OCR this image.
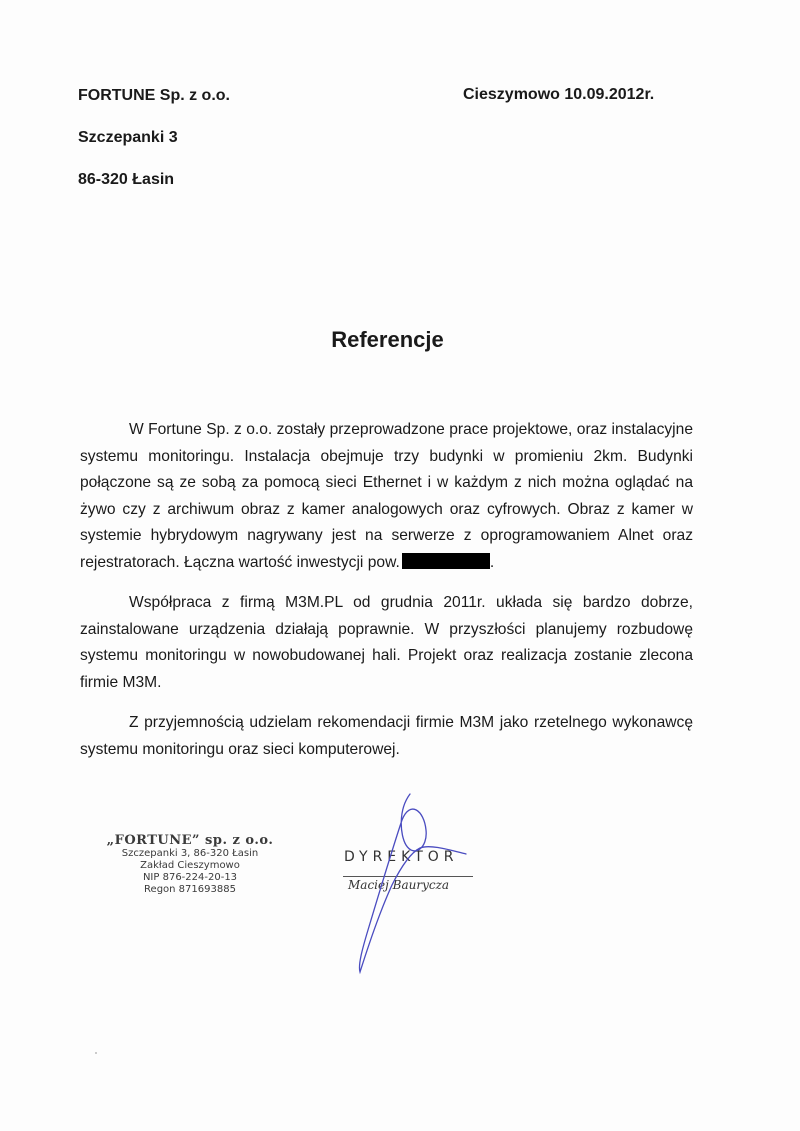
FORTUNE Sp. z o.o.
Szczepanki 3
86-320 Łasin
Cieszymowo 10.09.2012r.
Referencje

W Fortune Sp. z o.o. zostały przeprowadzone prace projektowe, oraz instalacyjne systemu monitoringu. Instalacja obejmuje trzy budynki w promieniu 2km. Budynki połączone są ze sobą za pomocą sieci Ethernet i w każdym z nich można oglądać na żywo czy z archiwum obraz z kamer analogowych oraz cyfrowych. Obraz z kamer w systemie hybrydowym nagrywany jest na serwerze z oprogramowaniem Alnet oraz rejestratorach. Łączna wartość inwestycji pow.	.

Współpraca z firmą M3M.PL od grudnia 2011r. układa się bardzo dobrze, zainstalowane urządzenia działają poprawnie. W przyszłości planujemy rozbudowę systemu monitoringu w nowobudowanej hali. Projekt oraz realizacja zostanie zlecona firmie M3M.

Z przyjemnością udzielam rekomendacji firmie M3M jako rzetelnego wykonawcę systemu monitoringu oraz sieci komputerowej.

„FORTUNE” sp. z o.o.
Szczepanki 3, 86-320 Łasin
Zakład Cieszymowo
NIP 876-224-20-13
Regon 871693885
DYREKTOR
Maciej Baurycza
